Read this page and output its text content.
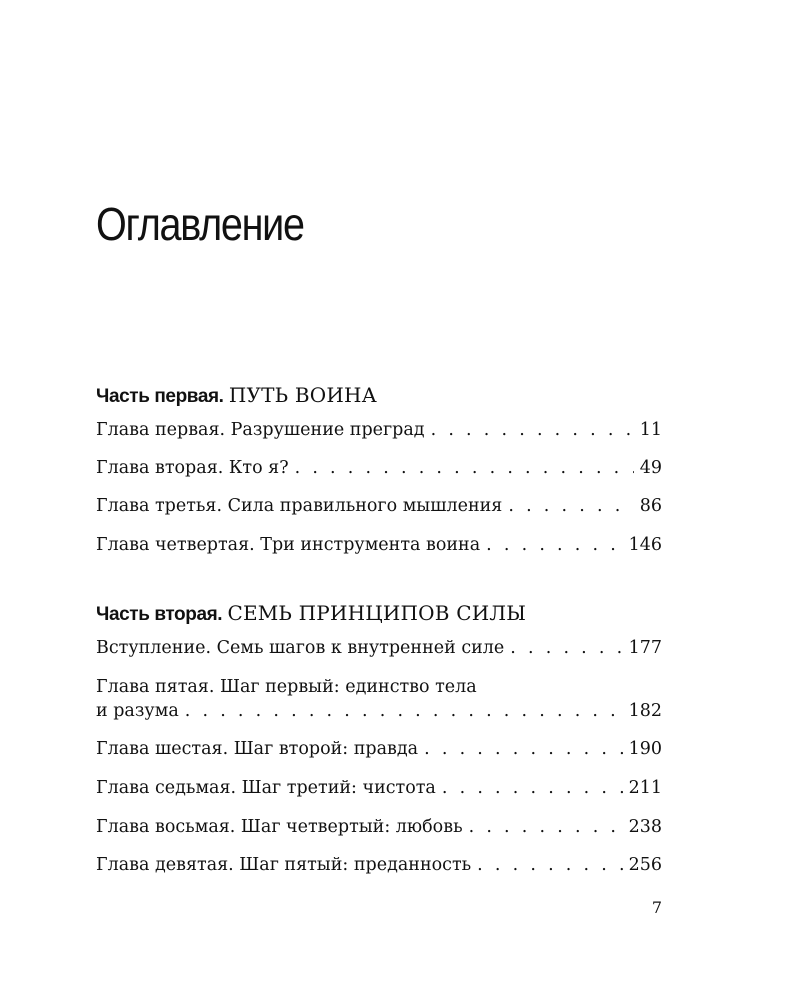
Оглавление
Часть первая. ПУТЬ ВОИНА
Глава первая. Разрушение преград . . .	11
Глава вторая. Кто я? . . .	49
Глава третья. Сила правильного мышления . . .	86
Глава четвертая. Три инструмента воина . . .	146
Часть вторая. СЕМЬ ПРИНЦИПОВ СИЛЫ
Вступление. Семь шагов к внутренней силе . . .	177
Глава пятая. Шаг первый: единство тела
и разума . . .	182
Глава шестая. Шаг второй: правда . . .	190
Глава седьмая. Шаг третий: чистота . . .	211
Глава восьмая. Шаг четвертый: любовь . . .	238
Глава девятая. Шаг пятый: преданность . . .	256
7
